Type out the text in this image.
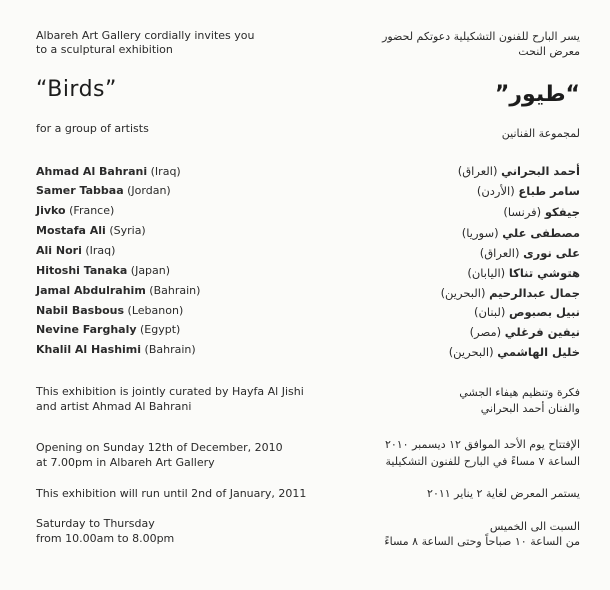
Albareh Art Gallery cordially invites you
to a sculptural exhibition
“Birds”
for a group of artists
Ahmad Al Bahrani (Iraq)
Samer Tabbaa (Jordan)
Jivko (France)
Mostafa Ali (Syria)
Ali Nori (Iraq)
Hitoshi Tanaka (Japan)
Jamal Abdulrahim (Bahrain)
Nabil Basbous (Lebanon)
Nevine Farghaly (Egypt)
Khalil Al Hashimi (Bahrain)
This exhibition is jointly curated by Hayfa Al Jishi
and artist Ahmad Al Bahrani
Opening on Sunday 12th of December, 2010
at 7.00pm in Albareh Art Gallery
This exhibition will run until 2nd of January, 2011
Saturday to Thursday
from 10.00am to 8.00pm
يسر البارح للفنون التشكيلية دعوتكم لحضور
معرض النحت
“طيور”
لمجموعة الفنانين
أحمد البحراني (العراق)
سامر طباع (الأردن)
جيفكو (فرنسا)
مصطفى علي (سوريا)
على نورى (العراق)
هتوشي تناكا (اليابان)
جمال عبدالرحيم (البحرين)
نبيل بصبوص (لبنان)
نيفين فرغلي (مصر)
خليل الهاشمي (البحرين)
فكرة وتنظيم هيفاء الجشي
والفنان أحمد البحراني
الإفتتاح يوم الأحد الموافق ١٢ ديسمبر ٢٠١٠
الساعة ٧ مساءً في البارح للفنون التشكيلية
يستمر المعرض لغاية ٢ يناير ٢٠١١
السبت الى الخميس
من الساعة ١٠ صباحاً وحتى الساعة ٨ مساءً
